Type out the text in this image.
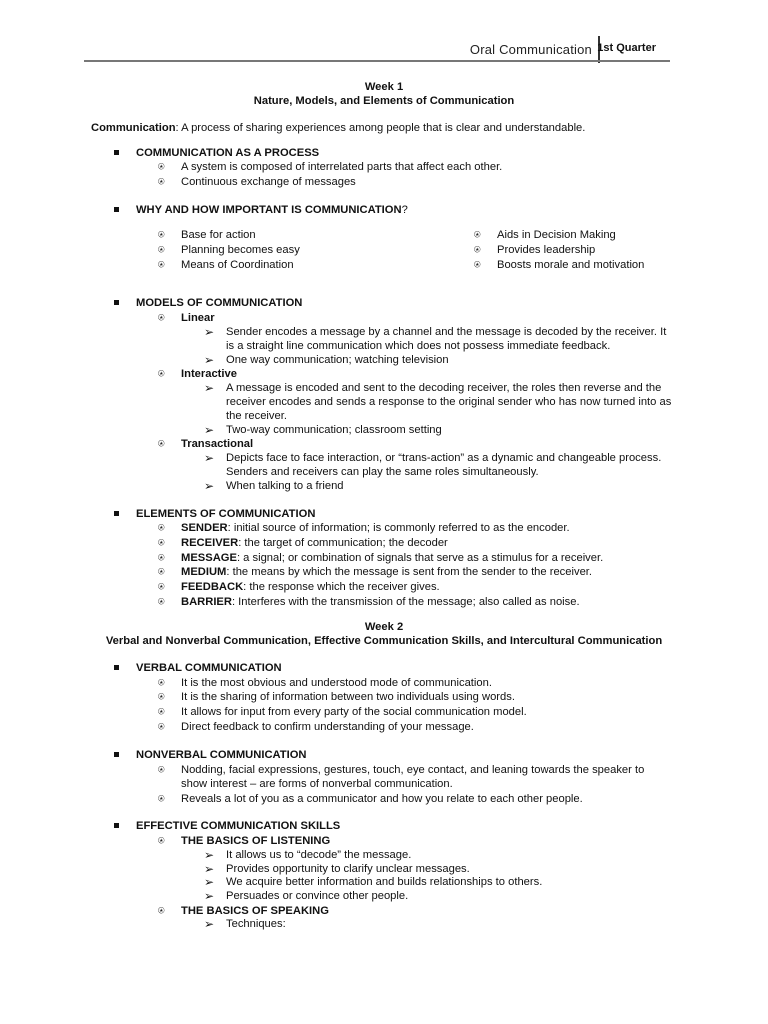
Oral Communication 1st Quarter
Week 1
Nature, Models, and Elements of Communication
Communication: A process of sharing experiences among people that is clear and understandable.
COMMUNICATION AS A PROCESS
⍟ A system is composed of interrelated parts that affect each other.
⍟ Continuous exchange of messages
WHY AND HOW IMPORTANT IS COMMUNICATION?
⍟ Base for action
⍟ Planning becomes easy
⍟ Means of Coordination
⍟ Aids in Decision Making
⍟ Provides leadership
⍟ Boosts morale and motivation
MODELS OF COMMUNICATION
⍟ Linear
➢ Sender encodes a message by a channel and the message is decoded by the receiver. It
is a straight line communication which does not possess immediate feedback.
➢ One way communication; watching television
⍟ Interactive
➢ A message is encoded and sent to the decoding receiver, the roles then reverse and the
receiver encodes and sends a response to the original sender who has now turned into as
the receiver.
➢ Two-way communication; classroom setting
⍟ Transactional
➢ Depicts face to face interaction, or “trans-action” as a dynamic and changeable process.
Senders and receivers can play the same roles simultaneously.
➢ When talking to a friend
ELEMENTS OF COMMUNICATION
⍟ SENDER: initial source of information; is commonly referred to as the encoder.
⍟ RECEIVER: the target of communication; the decoder
⍟ MESSAGE: a signal; or combination of signals that serve as a stimulus for a receiver.
⍟ MEDIUM: the means by which the message is sent from the sender to the receiver.
⍟ FEEDBACK: the response which the receiver gives.
⍟ BARRIER: Interferes with the transmission of the message; also called as noise.
Week 2
Verbal and Nonverbal Communication, Effective Communication Skills, and Intercultural Communication
VERBAL COMMUNICATION
⍟ It is the most obvious and understood mode of communication.
⍟ It is the sharing of information between two individuals using words.
⍟ It allows for input from every party of the social communication model.
⍟ Direct feedback to confirm understanding of your message.
NONVERBAL COMMUNICATION
⍟ Nodding, facial expressions, gestures, touch, eye contact, and leaning towards the speaker to
show interest – are forms of nonverbal communication.
⍟ Reveals a lot of you as a communicator and how you relate to each other people.
EFFECTIVE COMMUNICATION SKILLS
⍟ THE BASICS OF LISTENING
➢ It allows us to “decode” the message.
➢ Provides opportunity to clarify unclear messages.
➢ We acquire better information and builds relationships to others.
➢ Persuades or convince other people.
⍟ THE BASICS OF SPEAKING
➢ Techniques:
